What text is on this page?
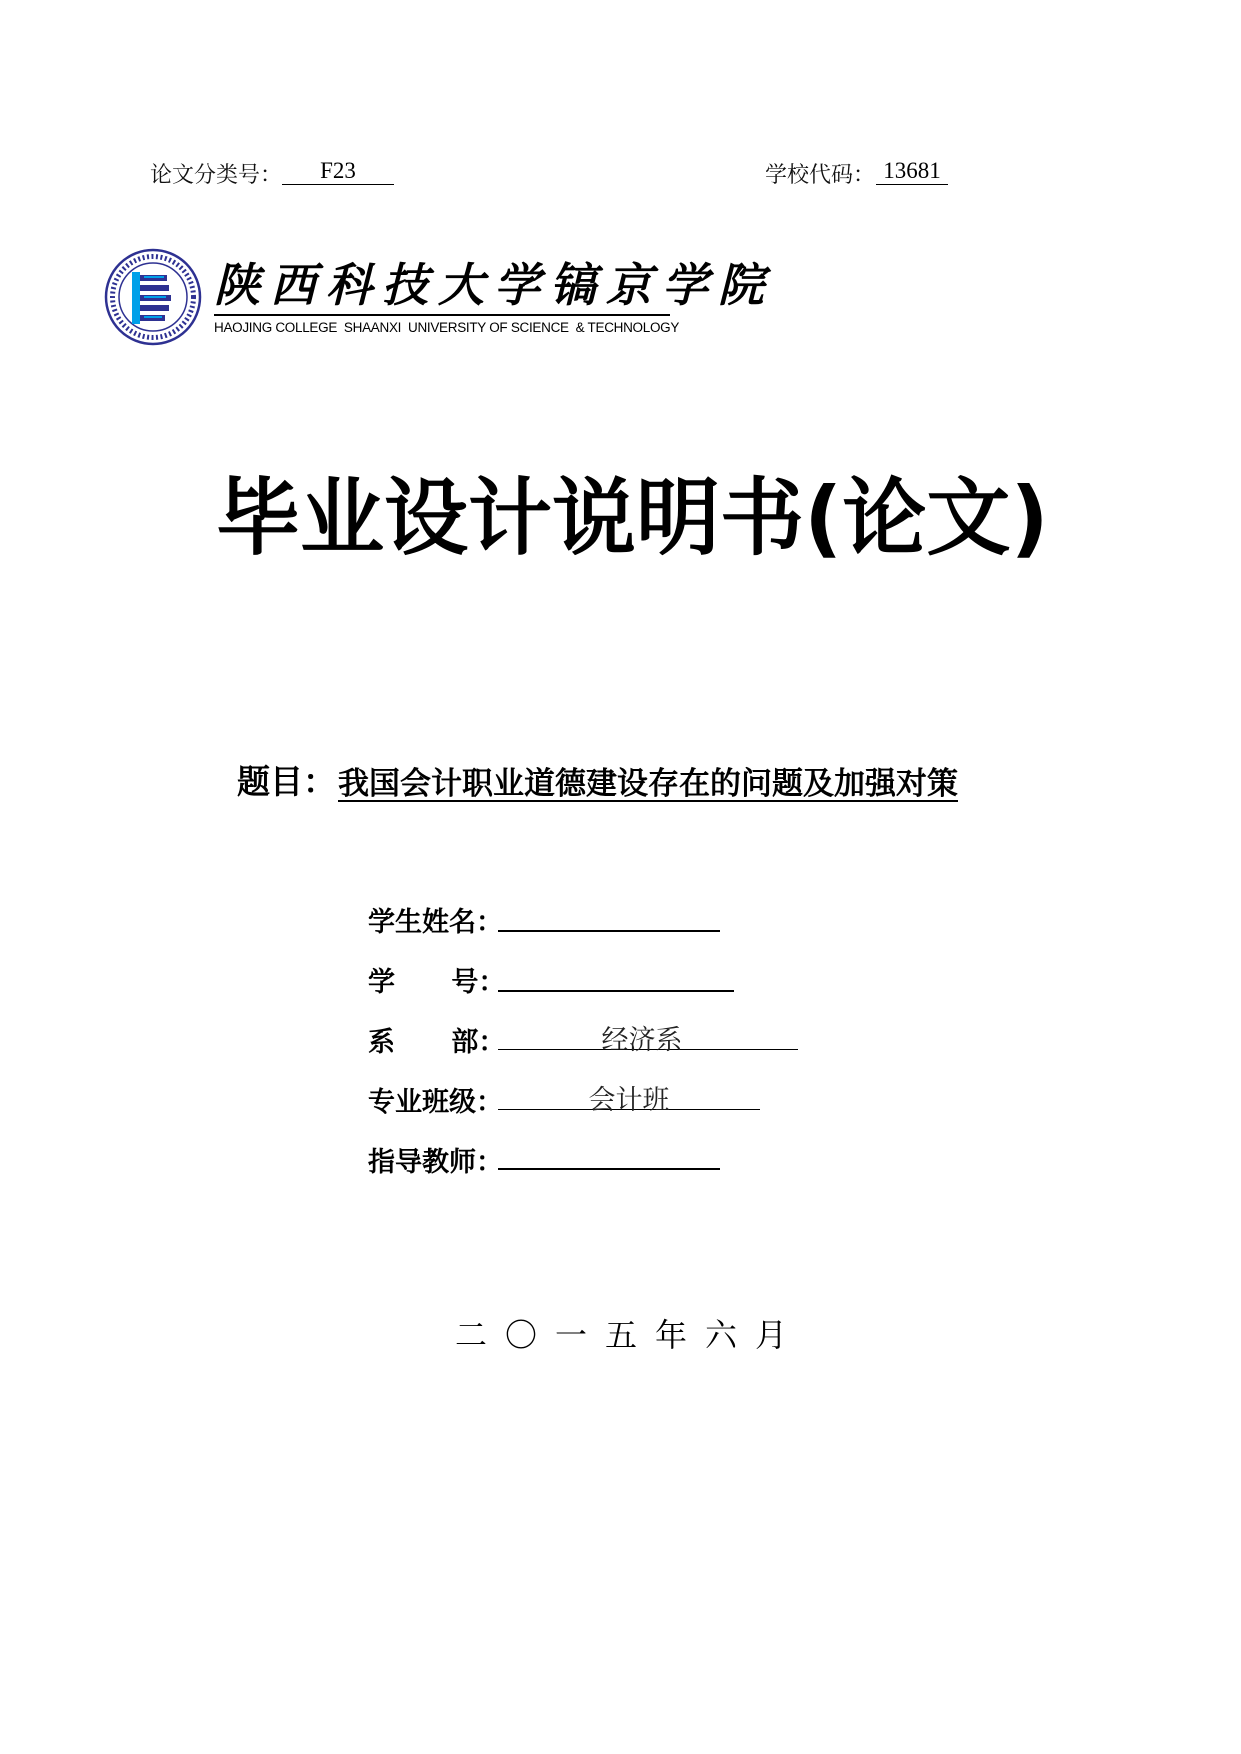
论文分类号：	F23	学校代码： 13681
陕西科技大学镐京学院
HAOJING COLLEGE  SHAANXI  UNIVERSITY OF SCIENCE  & TECHNOLOGY
毕业设计说明书(论文)
题目： 我国会计职业道德建设存在的问题及加强对策
学生姓名：
学      号：
系      部：	经济系
专业班级：	会计班
指导教师：
二〇一五年六月
